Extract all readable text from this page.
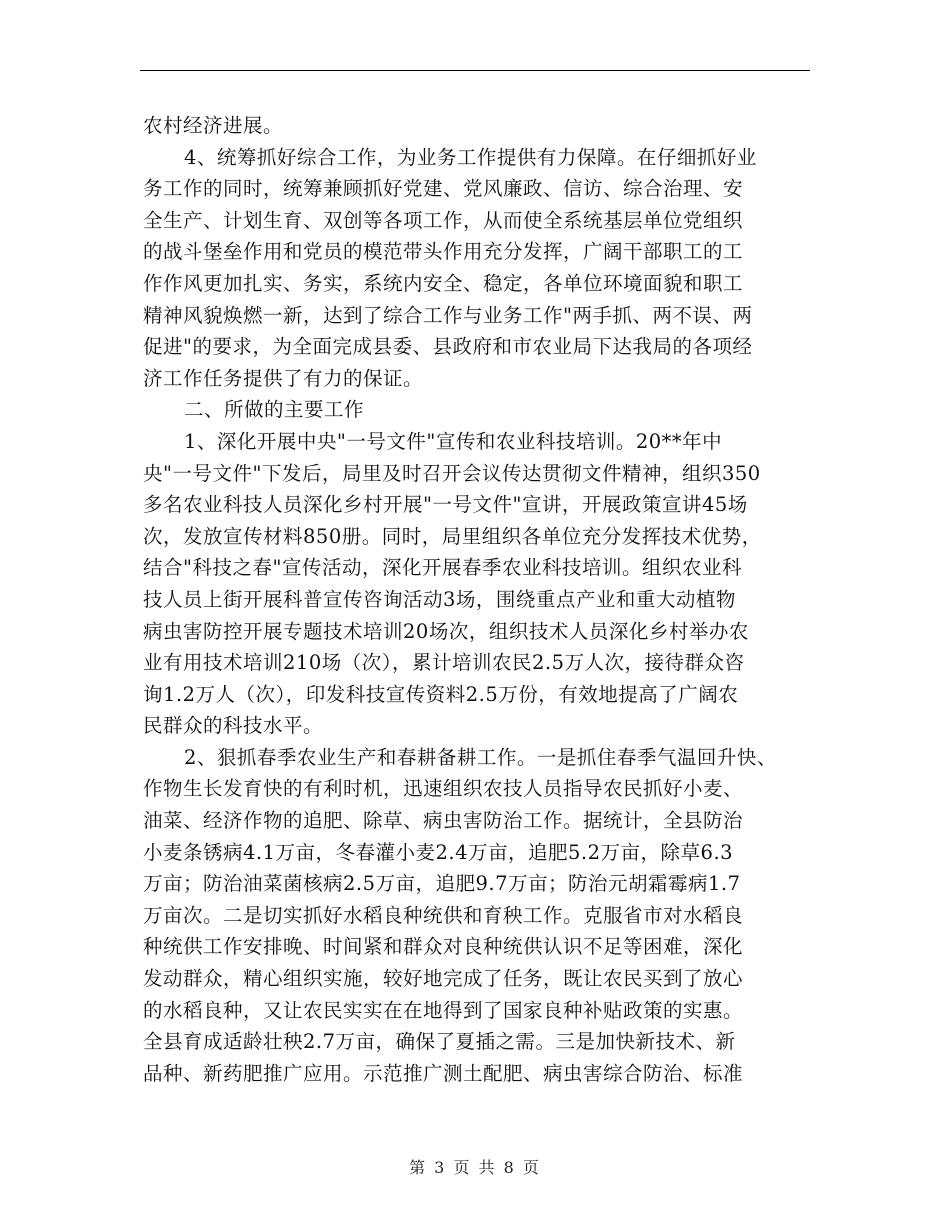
农村经济进展。
4、统筹抓好综合工作，为业务工作提供有力保障。在仔细抓好业
务工作的同时，统筹兼顾抓好党建、党风廉政、信访、综合治理、安
全生产、计划生育、双创等各项工作，从而使全系统基层单位党组织
的战斗堡垒作用和党员的模范带头作用充分发挥，广阔干部职工的工
作作风更加扎实、务实，系统内安全、稳定，各单位环境面貌和职工
精神风貌焕燃一新，达到了综合工作与业务工作"两手抓、两不误、两
促进"的要求，为全面完成县委、县政府和市农业局下达我局的各项经
济工作任务提供了有力的保证。
二、所做的主要工作
1、深化开展中央"一号文件"宣传和农业科技培训。20**年中
央"一号文件"下发后，局里及时召开会议传达贯彻文件精神，组织350
多名农业科技人员深化乡村开展"一号文件"宣讲，开展政策宣讲45场
次，发放宣传材料850册。同时，局里组织各单位充分发挥技术优势，
结合"科技之春"宣传活动，深化开展春季农业科技培训。组织农业科
技人员上街开展科普宣传咨询活动3场，围绕重点产业和重大动植物
病虫害防控开展专题技术培训20场次，组织技术人员深化乡村举办农
业有用技术培训210场（次），累计培训农民2.5万人次，接待群众咨
询1.2万人（次），印发科技宣传资料2.5万份，有效地提高了广阔农
民群众的科技水平。
2、狠抓春季农业生产和春耕备耕工作。一是抓住春季气温回升快、
作物生长发育快的有利时机，迅速组织农技人员指导农民抓好小麦、
油菜、经济作物的追肥、除草、病虫害防治工作。据统计，全县防治
小麦条锈病4.1万亩，冬春灌小麦2.4万亩，追肥5.2万亩，除草6.3
万亩；防治油菜菌核病2.5万亩，追肥9.7万亩；防治元胡霜霉病1.7
万亩次。二是切实抓好水稻良种统供和育秧工作。克服省市对水稻良
种统供工作安排晚、时间紧和群众对良种统供认识不足等困难，深化
发动群众，精心组织实施，较好地完成了任务，既让农民买到了放心
的水稻良种，又让农民实实在在地得到了国家良种补贴政策的实惠。
全县育成适龄壮秧2.7万亩，确保了夏插之需。三是加快新技术、新
品种、新药肥推广应用。示范推广测土配肥、病虫害综合防治、标准
第 3 页 共 8 页
